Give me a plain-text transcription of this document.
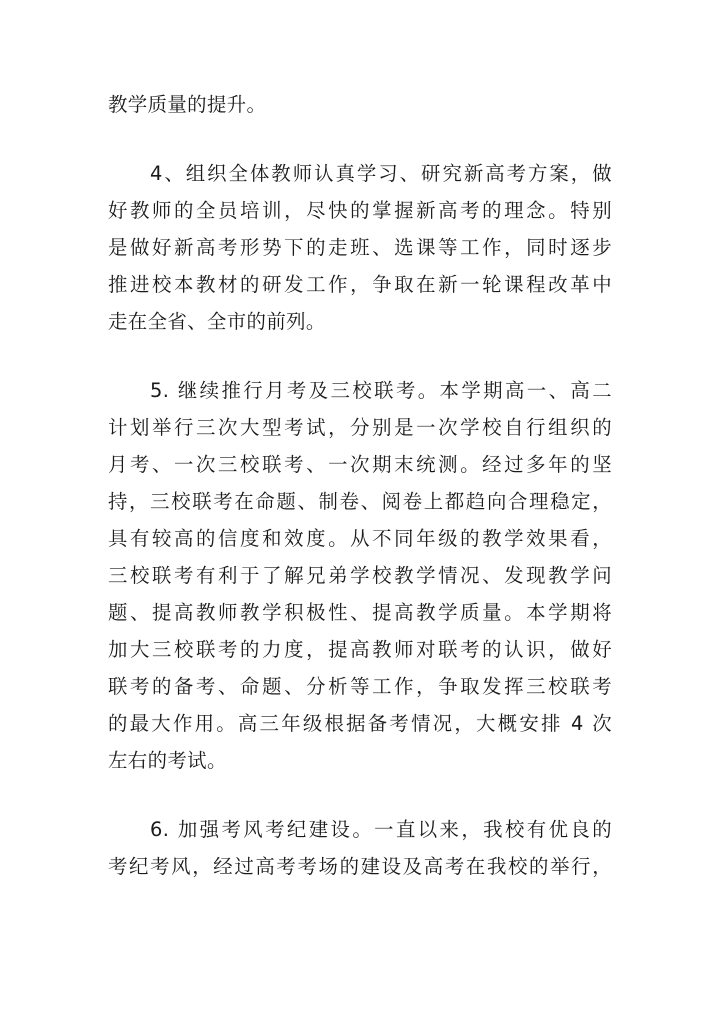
教学质量的提升。
4、组织全体教师认真学习、研究新高考方案，做
好教师的全员培训，尽快的掌握新高考的理念。特别
是做好新高考形势下的走班、选课等工作，同时逐步
推进校本教材的研发工作，争取在新一轮课程改革中
走在全省、全市的前列。
5. 继续推行月考及三校联考。本学期高一、高二
计划举行三次大型考试，分别是一次学校自行组织的
月考、一次三校联考、一次期末统测。经过多年的坚
持，三校联考在命题、制卷、阅卷上都趋向合理稳定，
具有较高的信度和效度。从不同年级的教学效果看，
三校联考有利于了解兄弟学校教学情况、发现教学问
题、提高教师教学积极性、提高教学质量。本学期将
加大三校联考的力度，提高教师对联考的认识，做好
联考的备考、命题、分析等工作，争取发挥三校联考
的最大作用。高三年级根据备考情况，大概安排 4 次
左右的考试。
6. 加强考风考纪建设。一直以来，我校有优良的
考纪考风，经过高考考场的建设及高考在我校的举行，
